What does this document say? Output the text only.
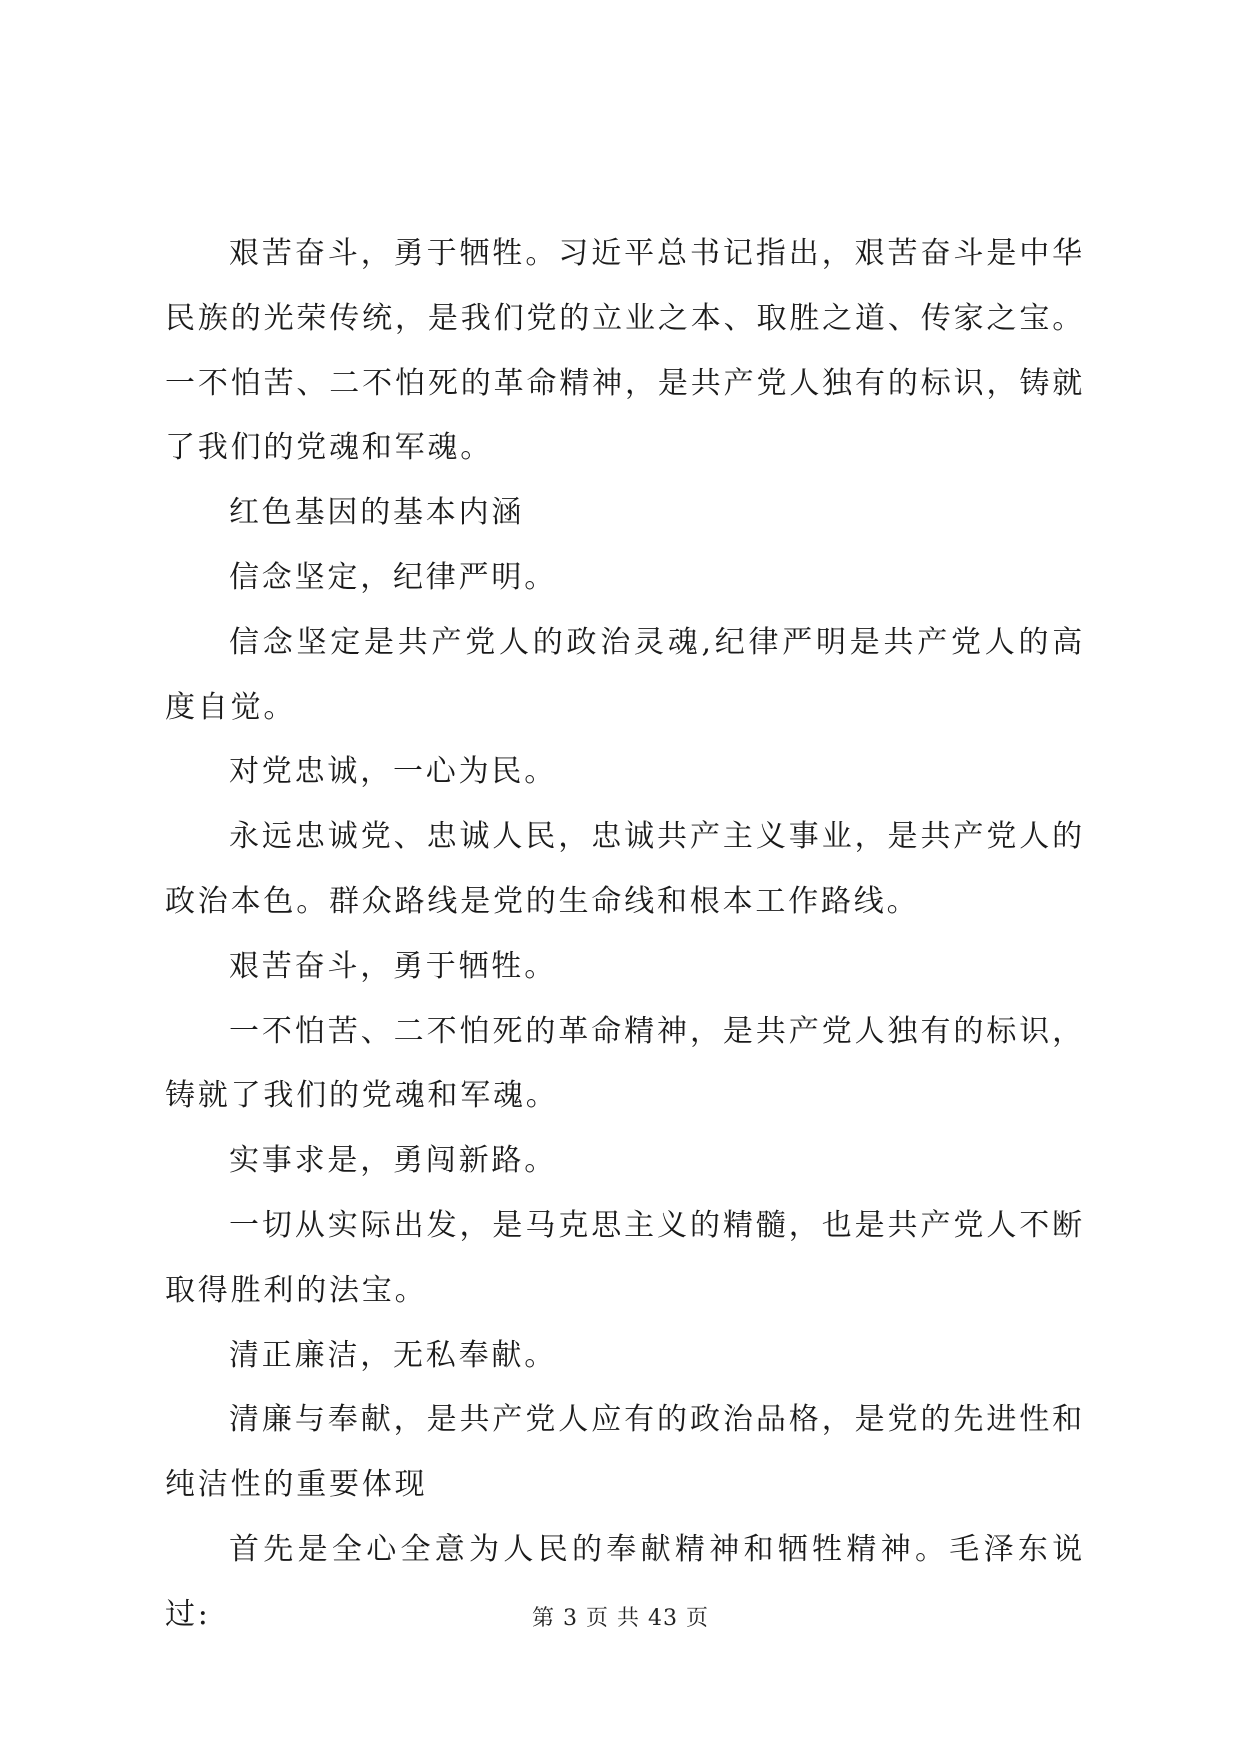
艰苦奋斗，勇于牺牲。习近平总书记指出，艰苦奋斗是中华民族的光荣传统，是我们党的立业之本、取胜之道、传家之宝。一不怕苦、二不怕死的革命精神，是共产党人独有的标识，铸就了我们的党魂和军魂。

红色基因的基本内涵

信念坚定，纪律严明。

信念坚定是共产党人的政治灵魂,纪律严明是共产党人的高度自觉。

对党忠诚，一心为民。

永远忠诚党、忠诚人民，忠诚共产主义事业，是共产党人的政治本色。群众路线是党的生命线和根本工作路线。

艰苦奋斗，勇于牺牲。

一不怕苦、二不怕死的革命精神，是共产党人独有的标识，铸就了我们的党魂和军魂。

实事求是，勇闯新路。

一切从实际出发，是马克思主义的精髓，也是共产党人不断取得胜利的法宝。

清正廉洁，无私奉献。

清廉与奉献，是共产党人应有的政治品格，是党的先进性和纯洁性的重要体现

首先是全心全意为人民的奉献精神和牺牲精神。毛泽东说过:	第 3 页 共 43 页
